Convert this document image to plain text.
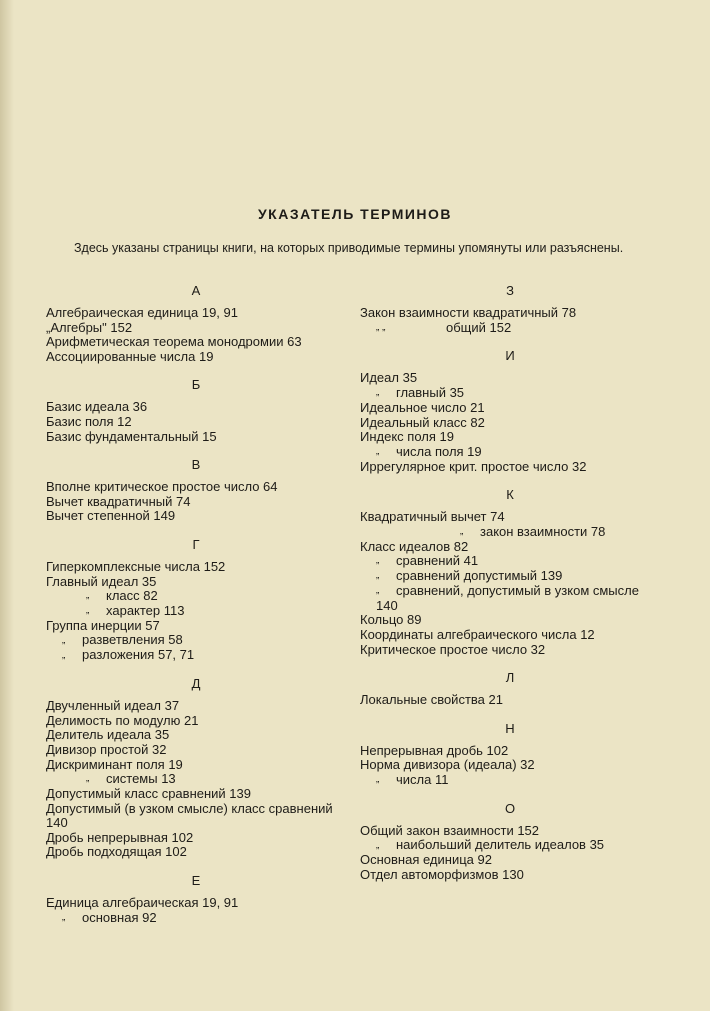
УКАЗАТЕЛЬ ТЕРМИНОВ

Здесь указаны страницы книги, на которых приводимые термины упомянуты или разъяснены.

А
Алгебраическая единица 19, 91
„Алгебры" 152
Арифметическая теорема монодромии 63
Ассоциированные числа 19
Б
Базис идеала 36
Базис поля 12
Базис фундаментальный 15
В
Вполне критическое простое число 64
Вычет квадратичный 74
Вычет степенной 149
Г
Гиперкомплексные числа 152
Главный идеал 35
„ класс 82
„ характер 113
Группа инерции 57
„ разветвления 58
„ разложения 57, 71
Д
Двучленный идеал 37
Делимость по модулю 21
Делитель идеала 35
Дивизор простой 32
Дискриминант поля 19
„ системы 13
Допустимый класс сравнений 139
Допустимый (в узком смысле) класс сравнений 140
Дробь непрерывная 102
Дробь подходящая 102
Е
Единица алгебраическая 19, 91
„ основная 92
З
Закон взаимности квадратичный 78
„ „	общий 152
И
Идеал 35
„ главный 35
Идеальное число 21
Идеальный класс 82
Индекс поля 19
„ числа поля 19
Иррегулярное крит. простое число 32
К
Квадратичный вычет 74
„ закон взаимности 78
Класс идеалов 82
„ сравнений 41
„ сравнений допустимый 139
„ сравнений, допустимый в узком смысле 140
Кольцо 89
Координаты алгебраического числа 12
Критическое простое число 32
Л
Локальные свойства 21
Н
Непрерывная дробь 102
Норма дивизора (идеала) 32
„ числа 11
О
Общий закон взаимности 152
„ наибольший делитель идеалов 35
Основная единица 92
Отдел автоморфизмов 130
